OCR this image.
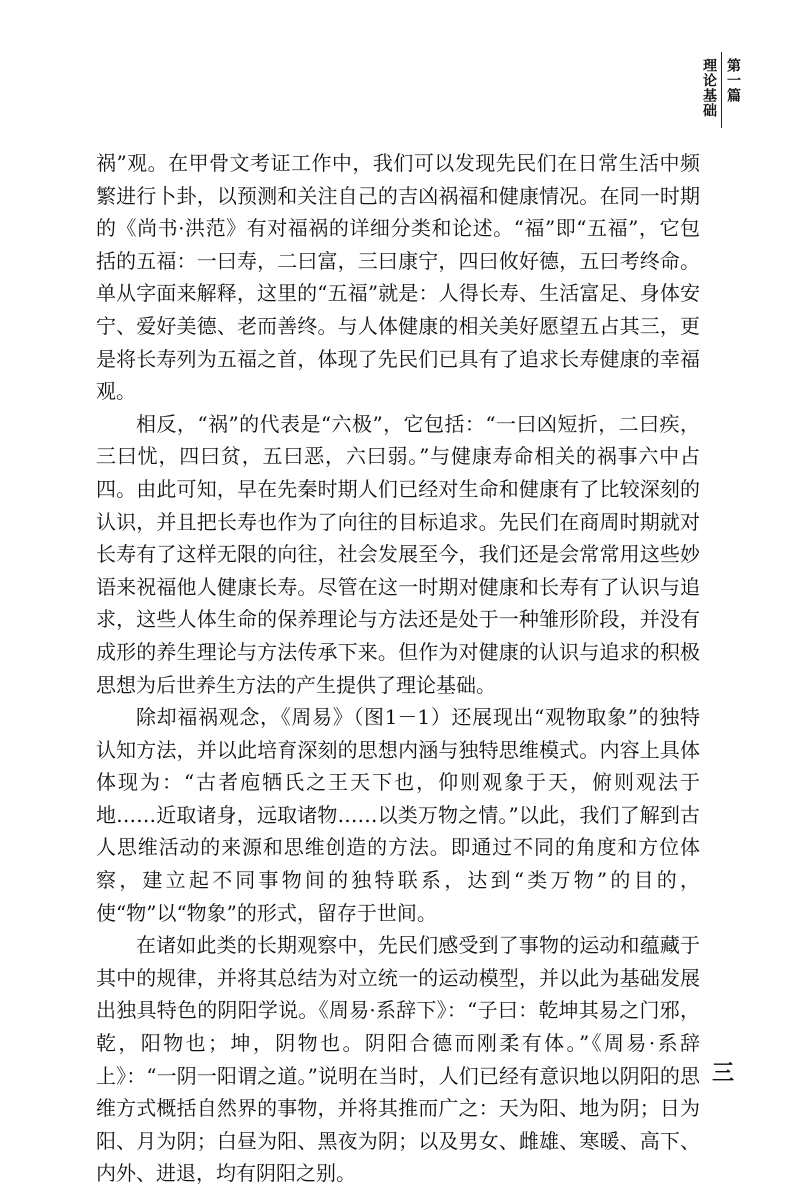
第一篇
理论基础

祸”观。在甲骨文考证工作中，我们可以发现先民们在日常生活中频繁进行卜卦，以预测和关注自己的吉凶祸福和健康情况。在同一时期的《尚书·洪范》有对福祸的详细分类和论述。“福”即“五福”，它包括的五福：一曰寿，二曰富，三曰康宁，四曰攸好德，五曰考终命。单从字面来解释，这里的“五福”就是：人得长寿、生活富足、身体安宁、爱好美德、老而善终。与人体健康的相关美好愿望五占其三，更是将长寿列为五福之首，体现了先民们已具有了追求长寿健康的幸福观。

相反，“祸”的代表是“六极”，它包括：“一曰凶短折，二曰疾，三曰忧，四曰贫，五曰恶，六曰弱。”与健康寿命相关的祸事六中占四。由此可知，早在先秦时期人们已经对生命和健康有了比较深刻的认识，并且把长寿也作为了向往的目标追求。先民们在商周时期就对长寿有了这样无限的向往，社会发展至今，我们还是会常常用这些妙语来祝福他人健康长寿。尽管在这一时期对健康和长寿有了认识与追求，这些人体生命的保养理论与方法还是处于一种雏形阶段，并没有成形的养生理论与方法传承下来。但作为对健康的认识与追求的积极思想为后世养生方法的产生提供了理论基础。

除却福祸观念，《周易》（图1－1）还展现出“观物取象”的独特认知方法，并以此培育深刻的思想内涵与独特思维模式。内容上具体体现为：“古者庖牺氏之王天下也，仰则观象于天，俯则观法于地……近取诸身，远取诸物……以类万物之情。”以此，我们了解到古人思维活动的来源和思维创造的方法。即通过不同的角度和方位体察，建立起不同事物间的独特联系，达到“类万物”的目的，使“物”以“物象”的形式，留存于世间。

在诸如此类的长期观察中，先民们感受到了事物的运动和蕴藏于其中的规律，并将其总结为对立统一的运动模型，并以此为基础发展出独具特色的阴阳学说。《周易·系辞下》：“子曰：乾坤其易之门邪，乾，阳物也；坤，阴物也。阴阳合德而刚柔有体。”《周易·系辞上》：“一阴一阳谓之道。”说明在当时，人们已经有意识地以阴阳的思维方式概括自然界的事物，并将其推而广之：天为阳、地为阴；日为阳、月为阴；白昼为阳、黑夜为阴；以及男女、雌雄、寒暖、高下、内外、进退，均有阴阳之别。

三
